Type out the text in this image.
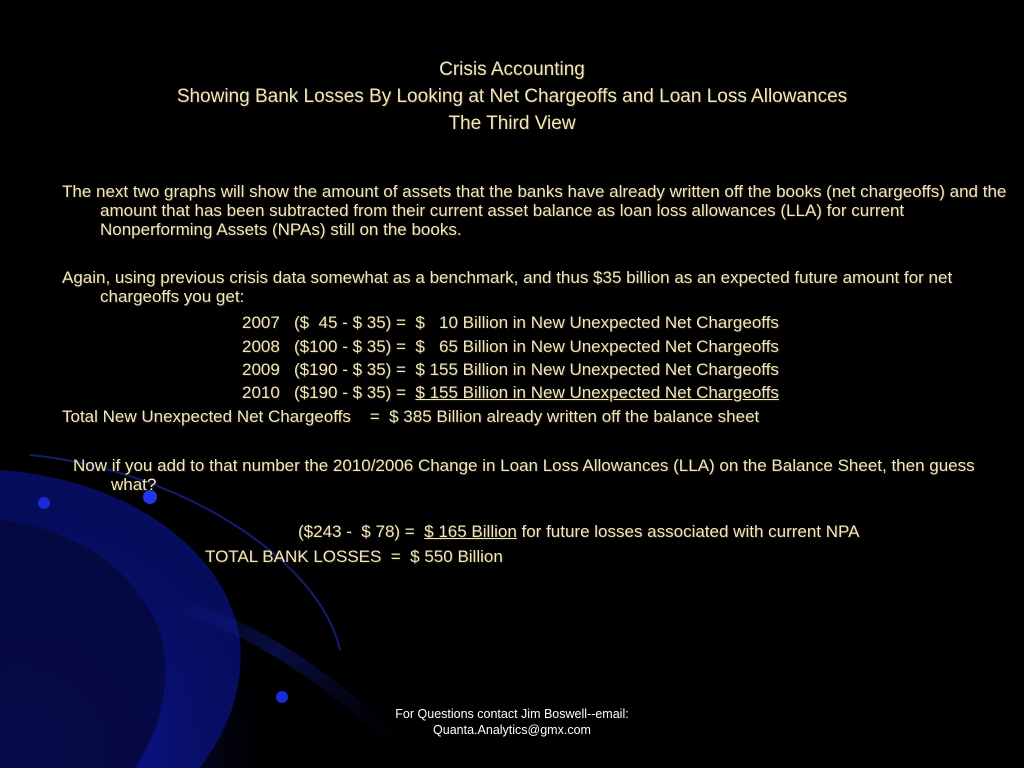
Crisis Accounting
Showing Bank Losses By Looking at Net Chargeoffs and Loan Loss Allowances
The Third View
The next two graphs will show the amount of assets that the banks have already written off the books (net chargeoffs) and the amount that has been subtracted from their current asset balance as loan loss allowances (LLA) for current Nonperforming Assets (NPAs) still on the books.
Again, using previous crisis data somewhat as a benchmark, and thus $35 billion as an expected future amount for net chargeoffs you get:
2007   ($  45 - $ 35) =  $   10 Billion in New Unexpected Net Chargeoffs
2008   ($100 - $ 35) =  $   65 Billion in New Unexpected Net Chargeoffs
2009   ($190 - $ 35) =  $ 155 Billion in New Unexpected Net Chargeoffs
2010   ($190 - $ 35) =  $ 155 Billion in New Unexpected Net Chargeoffs
Total New Unexpected Net Chargeoffs    =  $ 385 Billion already written off the balance sheet
Now if you add to that number the 2010/2006 Change in Loan Loss Allowances (LLA) on the Balance Sheet, then guess what?
($243 -  $ 78) =  $ 165 Billion for future losses associated with current NPA
TOTAL BANK LOSSES  =  $ 550 Billion
For Questions contact Jim Boswell--email:
Quanta.Analytics@gmx.com
